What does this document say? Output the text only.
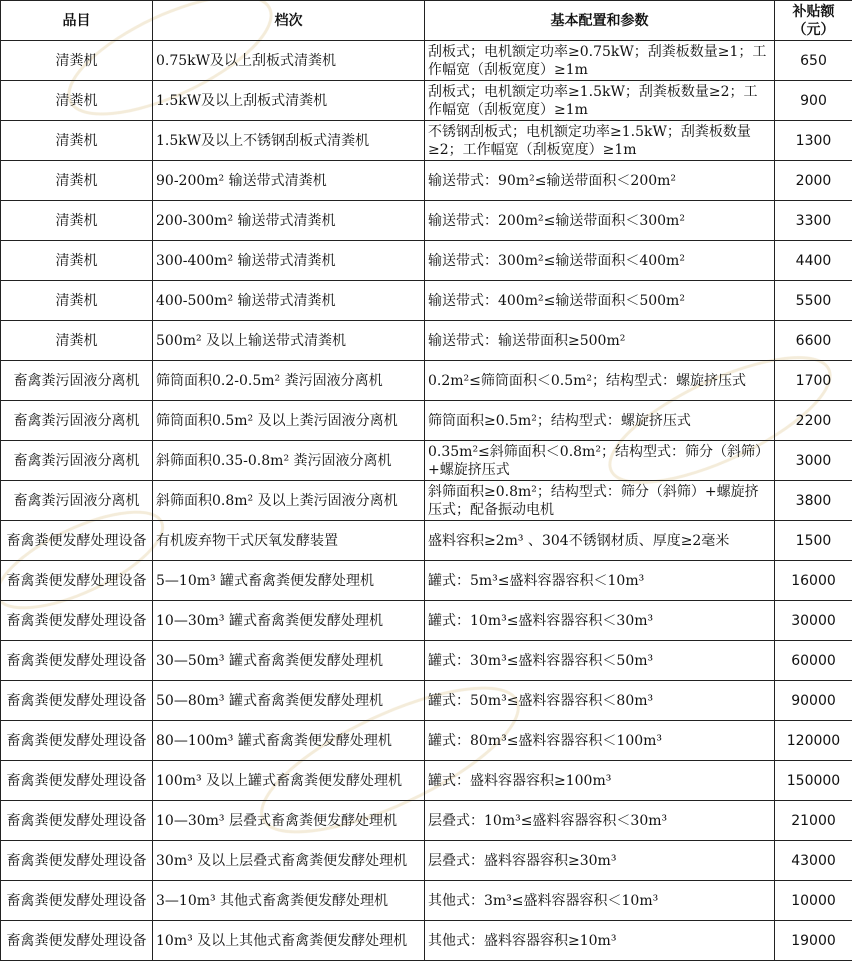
品目	档次	基本配置和参数	补贴额（元）
清粪机	0.75kW及以上刮板式清粪机	刮板式；电机额定功率≥0.75kW；刮粪板数量≥1；工作幅宽（刮板宽度）≥1m	650
清粪机	1.5kW及以上刮板式清粪机	刮板式；电机额定功率≥1.5kW；刮粪板数量≥2；工作幅宽（刮板宽度）≥1m	900
清粪机	1.5kW及以上不锈钢刮板式清粪机	不锈钢刮板式；电机额定功率≥1.5kW；刮粪板数量≥2；工作幅宽（刮板宽度）≥1m	1300
清粪机	90-200m² 输送带式清粪机	输送带式：90m²≤输送带面积＜200m²	2000
清粪机	200-300m² 输送带式清粪机	输送带式：200m²≤输送带面积＜300m²	3300
清粪机	300-400m² 输送带式清粪机	输送带式：300m²≤输送带面积＜400m²	4400
清粪机	400-500m² 输送带式清粪机	输送带式：400m²≤输送带面积＜500m²	5500
清粪机	500m² 及以上输送带式清粪机	输送带式：输送带面积≥500m²	6600
畜禽粪污固液分离机	筛筒面积0.2-0.5m² 粪污固液分离机	0.2m²≤筛筒面积＜0.5m²；结构型式：螺旋挤压式	1700
畜禽粪污固液分离机	筛筒面积0.5m² 及以上粪污固液分离机	筛筒面积≥0.5m²；结构型式：螺旋挤压式	2200
畜禽粪污固液分离机	斜筛面积0.35-0.8m² 粪污固液分离机	0.35m²≤斜筛面积＜0.8m²；结构型式：筛分（斜筛）+螺旋挤压式	3000
畜禽粪污固液分离机	斜筛面积0.8m² 及以上粪污固液分离机	斜筛面积≥0.8m²；结构型式：筛分（斜筛）+螺旋挤压式；配备振动电机	3800
畜禽粪便发酵处理设备	有机废弃物干式厌氧发酵装置	盛料容积≥2m³ 、304不锈钢材质、厚度≥2毫米	1500
畜禽粪便发酵处理设备	5—10m³ 罐式畜禽粪便发酵处理机	罐式：5m³≤盛料容器容积＜10m³	16000
畜禽粪便发酵处理设备	10—30m³ 罐式畜禽粪便发酵处理机	罐式：10m³≤盛料容器容积＜30m³	30000
畜禽粪便发酵处理设备	30—50m³ 罐式畜禽粪便发酵处理机	罐式：30m³≤盛料容器容积＜50m³	60000
畜禽粪便发酵处理设备	50—80m³ 罐式畜禽粪便发酵处理机	罐式：50m³≤盛料容器容积＜80m³	90000
畜禽粪便发酵处理设备	80—100m³ 罐式畜禽粪便发酵处理机	罐式：80m³≤盛料容器容积＜100m³	120000
畜禽粪便发酵处理设备	100m³ 及以上罐式畜禽粪便发酵处理机	罐式：盛料容器容积≥100m³	150000
畜禽粪便发酵处理设备	10—30m³ 层叠式畜禽粪便发酵处理机	层叠式：10m³≤盛料容器容积＜30m³	21000
畜禽粪便发酵处理设备	30m³ 及以上层叠式畜禽粪便发酵处理机	层叠式：盛料容器容积≥30m³	43000
畜禽粪便发酵处理设备	3—10m³ 其他式畜禽粪便发酵处理机	其他式：3m³≤盛料容器容积＜10m³	10000
畜禽粪便发酵处理设备	10m³ 及以上其他式畜禽粪便发酵处理机	其他式：盛料容器容积≥10m³	19000
